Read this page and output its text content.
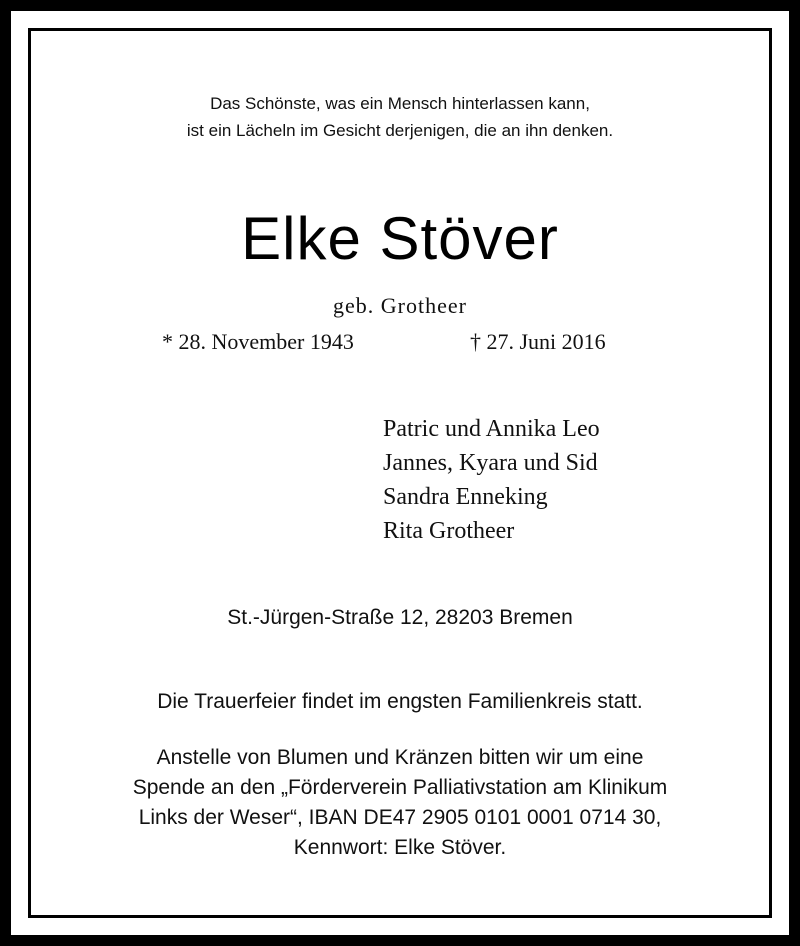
Das Schönste, was ein Mensch hinterlassen kann,
ist ein Lächeln im Gesicht derjenigen, die an ihn denken.
Elke Stöver
geb. Grotheer
* 28. November 1943	† 27. Juni 2016
Patric und Annika Leo
Jannes, Kyara und Sid
Sandra Enneking
Rita Grotheer
St.-Jürgen-Straße 12, 28203 Bremen
Die Trauerfeier findet im engsten Familienkreis statt.
Anstelle von Blumen und Kränzen bitten wir um eine
Spende an den „Förderverein Palliativstation am Klinikum
Links der Weser“, IBAN DE47 2905 0101 0001 0714 30,
Kennwort: Elke Stöver.
